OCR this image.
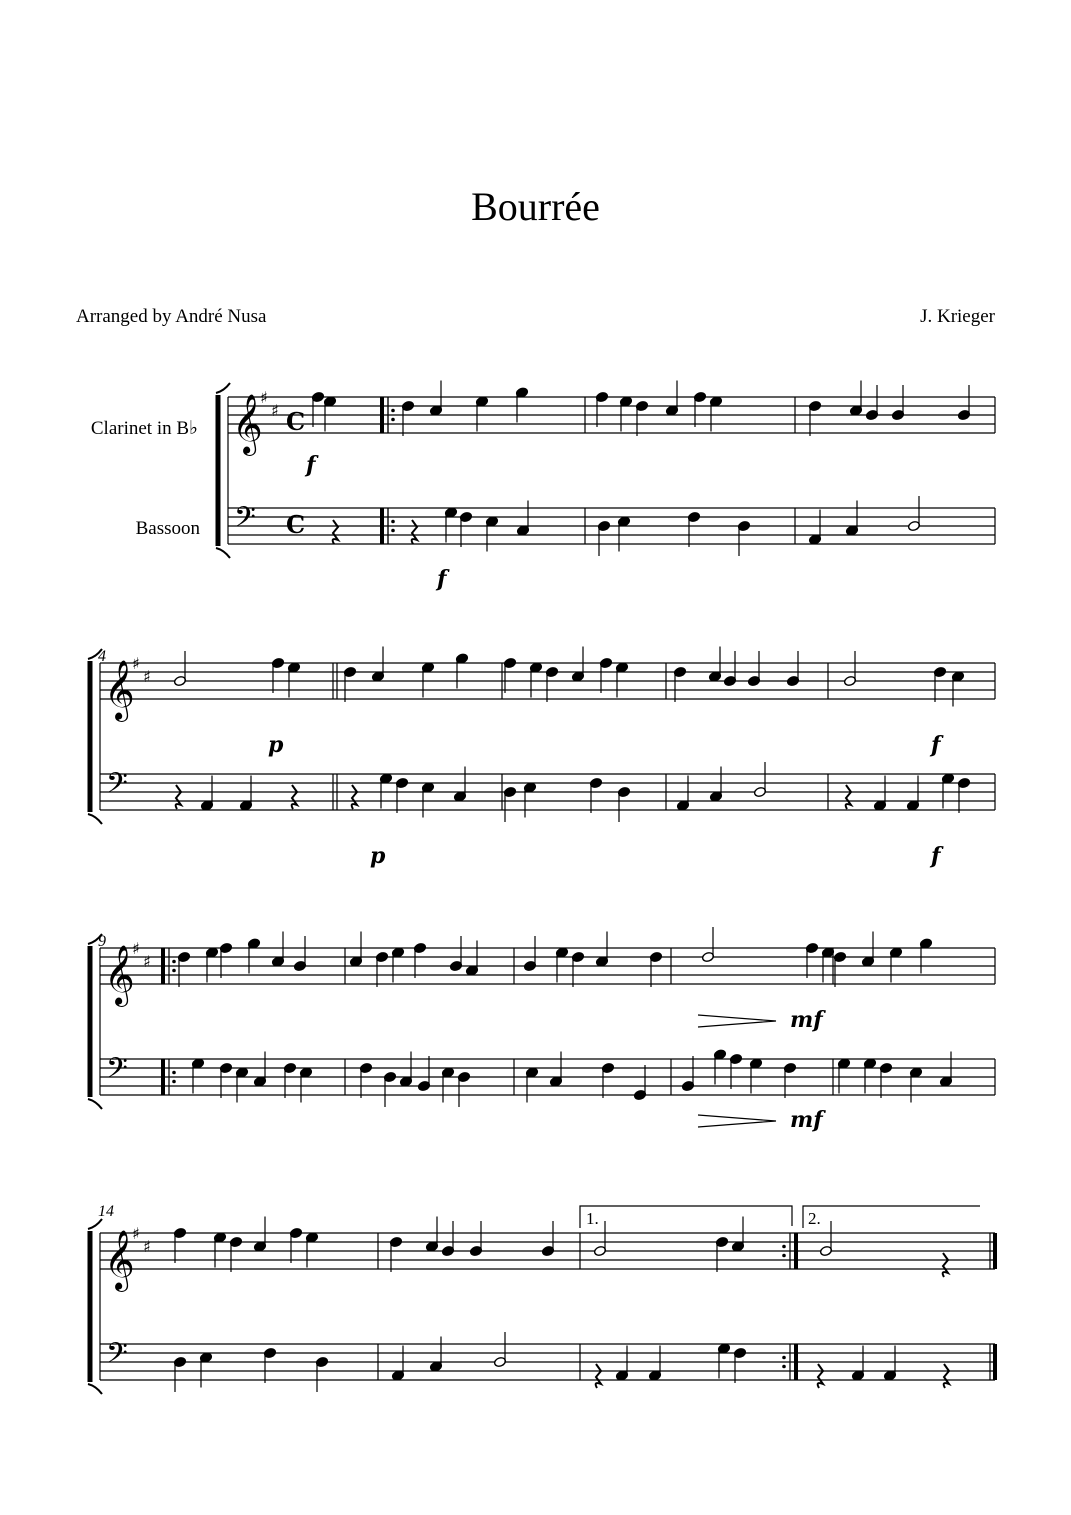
Bourrée
Arranged by André Nusa	J. Krieger
𝄞
𝄢
♯
♯
𝄞
𝄢
♯
♯
𝄞
𝄢
♯
♯
𝄞
𝄢
♯
♯
C
C
Clarinet in B♭
Bassoon
4
9
14
f
f
p	f
p	f
mf
mf
1.	2.
